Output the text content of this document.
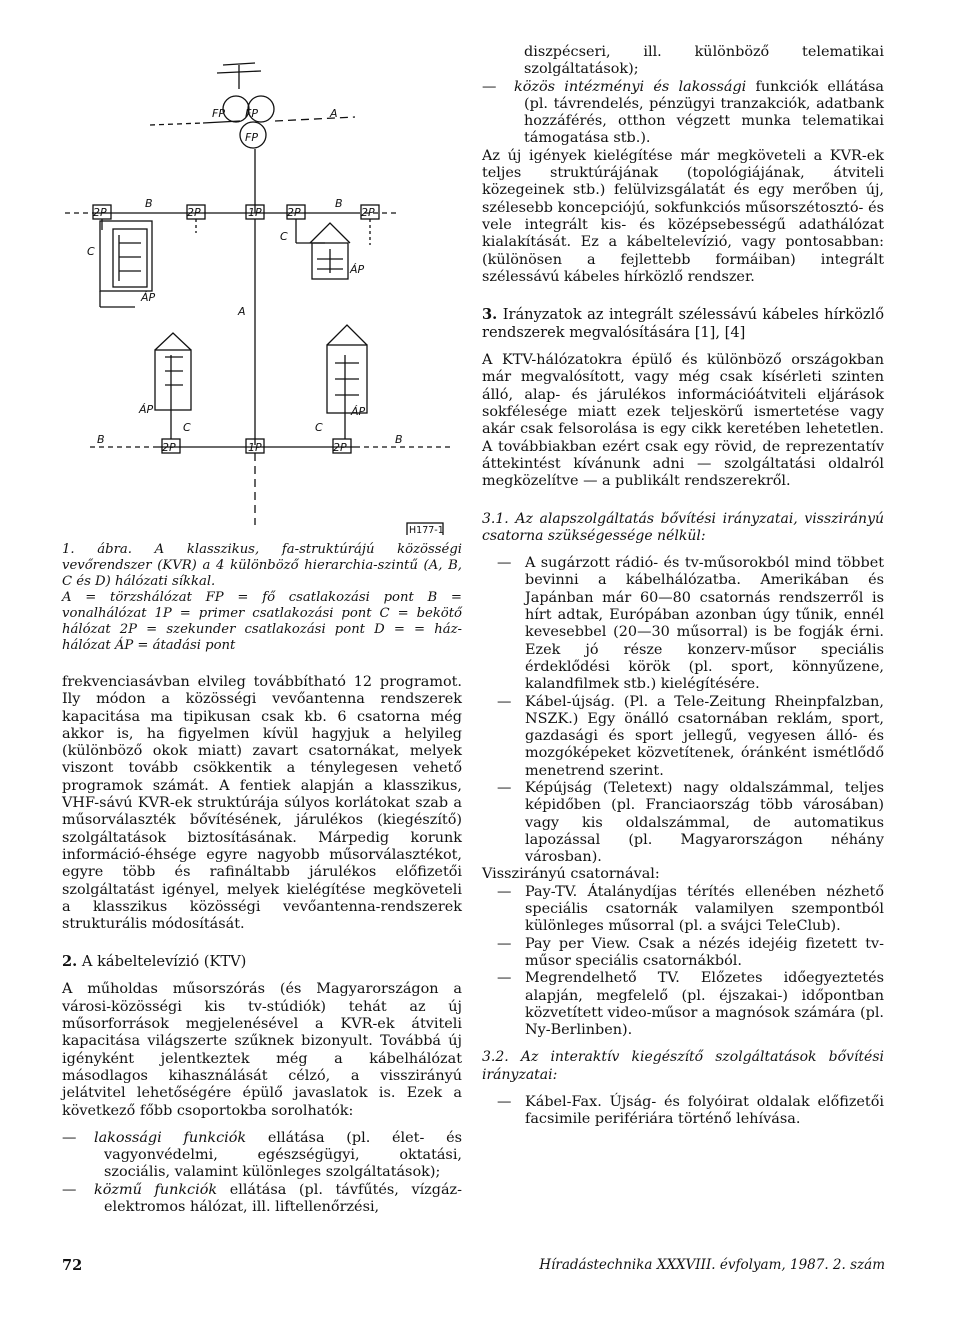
FP FP
FP
A
B	B
2P	2P	1P 2P	2P
C
C
ÁP
ÁP
A
ÁP
C
B
2P	1P	2P
C
ÁP
B
H177-1
1. ábra. A klasszikus, fa-struktúrájú közösségi vevőrendszer (KVR) a 4 különböző hierarchia-szintű (A, B, C és D) hálózati síkkal.
A = törzshálózat FP = fő csatlakozási pont B = vonalhálózat 1P = primer csatlakozási pont C = bekötő hálózat 2P = szekunder csatlakozási pont D = = ház-hálózat ÁP = átadási pont

frekvenciasávban elvileg továbbítható 12 programot. Ily módon a közösségi vevőantenna rendszerek kapacitása ma tipikusan csak kb. 6 csatorna még akkor is, ha figyelmen kívül hagyjuk a helyileg (különböző okok miatt) zavart csatornákat, melyek viszont tovább csökkentik a ténylegesen vehető programok számát. A fentiek alapján a klasszikus, VHF-sávú KVR-ek struktúrája súlyos korlátokat szab a műsorválaszték bővítésének, járulékos (kiegészítő) szolgáltatások biztosításának. Márpedig korunk információ-éhsége egyre nagyobb műsorválasztékot, egyre több és rafináltabb járulékos előfizetői szolgáltatást igényel, melyek kielégítése megköveteli a klasszikus közösségi vevőantenna-rendszerek strukturális módosítását.

2. A kábeltelevízió (KTV)

A műholdas műsorszórás (és Magyarországon a városi-közösségi kis tv-stúdiók) tehát az új műsorforrások megjelenésével a KVR-ek átviteli kapacitása világszerte szűknek bizonyult. Továbbá új igényként jelentkeztek még a kábelhálózat másodlagos kihasználását célzó, a visszirányú jelátvitel lehetőségére épülő javaslatok is. Ezek a következő főbb csoportokba sorolhatók:

— lakossági funkciók ellátása (pl. élet- és vagyonvédelmi, egészségügyi, oktatási, szociális, valamint különleges szolgáltatások);

— közmű funkciók ellátása (pl. távfűtés, vízgáz- elektromos hálózat, ill. liftellenőrzési,

diszpécseri, ill. különböző telematikai szolgáltatások);

— közös intézményi és lakossági funkciók ellátása (pl. távrendelés, pénzügyi tranzakciók, adatbank hozzáférés, otthon végzett munka telematikai támogatása stb.).

Az új igények kielégítése már megköveteli a KVR-ek teljes struktúrájának (topológiájának, átviteli közegeinek stb.) felülvizsgálatát és egy merőben új, szélesebb koncepciójú, sokfunkciós műsorszétosztó- és vele integrált kis- és középsebességű adathálózat kialakítását. Ez a kábeltelevízió, vagy pontosabban: (különösen a fejlettebb formáiban) integrált szélessávú kábeles hírközlő rendszer.

3. Irányzatok az integrált szélessávú kábeles hírközlő rendszerek megvalósítására [1], [4]

A KTV-hálózatokra épülő és különböző országokban már megvalósított, vagy még csak kísérleti szinten álló, alap- és járulékos információátviteli eljárások sokfélesége miatt ezek teljeskörű ismertetése vagy akár csak felsorolása is egy cikk keretében lehetetlen. A továbbiakban ezért csak egy rövid, de reprezentatív áttekintést kívánunk adni — szolgáltatási oldalról megközelítve — a publikált rendszerekről.

3.1. Az alapszolgáltatás bővítési irányzatai, visszirányú csatorna szükségessége nélkül:

— A sugárzott rádió- és tv-műsorokból mind többet bevinni a kábelhálózatba. Amerikában és Japánban már 60—80 csatornás rendszerről is hírt adtak, Európában azonban úgy tűnik, ennél kevesebbel (20—30 műsorral) is be fogják érni. Ezek jó része konzerv-műsor speciális érdeklődési körök (pl. sport, könnyűzene, kalandfilmek stb.) kielégítésére.

— Kábel-újság. (Pl. a Tele-Zeitung Rheinpfalzban, NSZK.) Egy önálló csatornában reklám, sport, gazdasági és sport jellegű, vegyesen álló- és mozgóképeket közvetítenek, óránként ismétlődő menetrend szerint.

— Képújság (Teletext) nagy oldalszámmal, teljes képidőben (pl. Franciaország több városában) vagy kis oldalszámmal, de automatikus lapozással (pl. Magyarországon néhány városban).

Visszirányú csatornával:

— Pay-TV. Átalánydíjas térítés ellenében nézhető speciális csatornák valamilyen szempontból különleges műsorral (pl. a svájci TeleClub).

— Pay per View. Csak a nézés idejéig fizetett tv-műsor speciális csatornákból.

— Megrendelhető TV. Előzetes időegyeztetés alapján, megfelelő (pl. éjszakai-) időpontban közvetített video-műsor a magnósok számára (pl. Ny-Berlinben).

3.2. Az interaktív kiegészítő szolgáltatások bővítési irányzatai:

— Kábel-Fax. Újság- és folyóirat oldalak előfizetői facsimile perifériára történő lehívása.

72	Híradástechnika XXXVIII. évfolyam, 1987. 2. szám
